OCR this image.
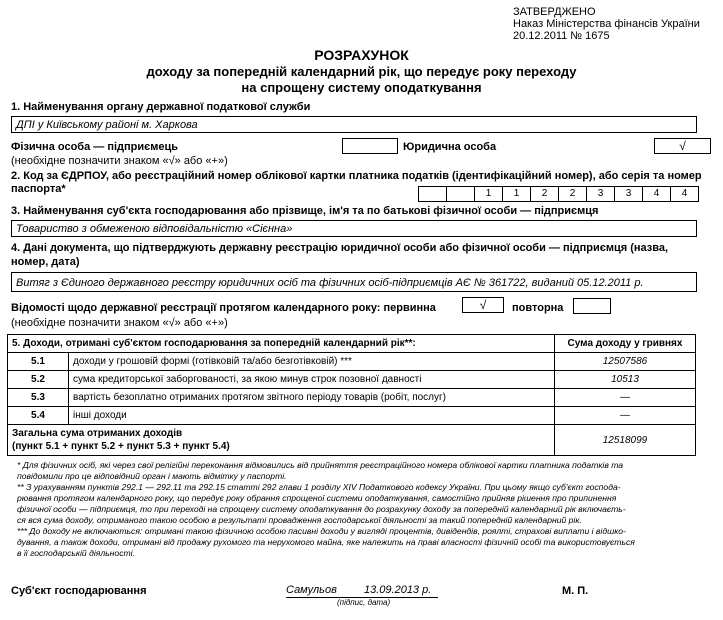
ЗАТВЕРДЖЕНО
Наказ Міністерства фінансів України
20.12.2011 № 1675
РОЗРАХУНОК
доходу за попередній календарний рік, що передує року переходу
на спрощену систему оподаткування
1. Найменування органу державної податкової служби
ДПІ у Київському районі м. Харкова
Фізична особа — підприємець	Юридична особа	√
(необхідне позначити знаком «√» або «+»)
2. Код за ЄДРПОУ, або реєстраційний номер облікової картки платника податків (ідентифікаційний номер), або серія та номер
паспорта*	1	1	2	2	3	3	4	4
3. Найменування суб'єкта господарювання або прізвище, ім'я та по батькові фізичної особи — підприємця
Товариство з обмеженою відповідальністю «Сієнна»
4. Дані документа, що підтверджують державну реєстрацію юридичної особи або фізичної особи — підприємця (назва,
номер, дата)
Витяг з Єдиного державного реєстру юридичних осіб та фізичних осіб-підприємців АЄ № 361722, виданий 05.12.2011 р.
Відомості щодо державної реєстрації протягом календарного року: первинна	√	повторна
(необхідне позначити знаком «√» або «+»)
5. Доходи, отримані суб'єктом господарювання за попередній календарний рік**:		Сума доходу у гривнях
5.1	доходи у грошовій формі (готівковій та/або безготівковій) ***	12507586
5.2	сума кредиторської заборгованості, за якою минув строк позовної давності	10513
5.3	вартість безоплатно отриманих протягом звітного періоду товарів (робіт, послуг)	—
5.4	інші доходи	—

Загальна сума отриманих доходів
(пункт 5.1 + пункт 5.2 + пункт 5.3 + пункт 5.4)		12518099
* Для фізичних осіб, які через свої релігійні переконання відмовились від прийняття реєстраційного номера облікової картки платника податків та
повідомили про це відповідний орган і мають відмітку у паспорті.
** З урахуванням пунктів 292.1 — 292.11 та 292.15 статті 292 глави 1 розділу XIV Податкового кодексу України. При цьому якщо суб'єкт господа-
рювання протягом календарного року, що передує року обрання спрощеної системи оподаткування, самостійно прийняв рішення про припинення
фізичної особи — підприємця, то при переході на спрощену систему оподаткування до розрахунку доходу за попередній календарний рік включаєть-
ся вся сума доходу, отриманого такою особою в результаті провадження господарської діяльності за такий попередній календарний рік.
*** До доходу не включаються: отримані такою фізичною особою пасивні доходи у вигляді процентів, дивідендів, роялті, страхові виплати і відшко-
дування, а також доходи, отримані від продажу рухомого та нерухомого майна, яке належить на праві власності фізичній особі та використовується
в її господарській діяльності.
Суб'єкт господарювання	Самульов 13.09.2013 р.
(підпис, дата)
М. П.
